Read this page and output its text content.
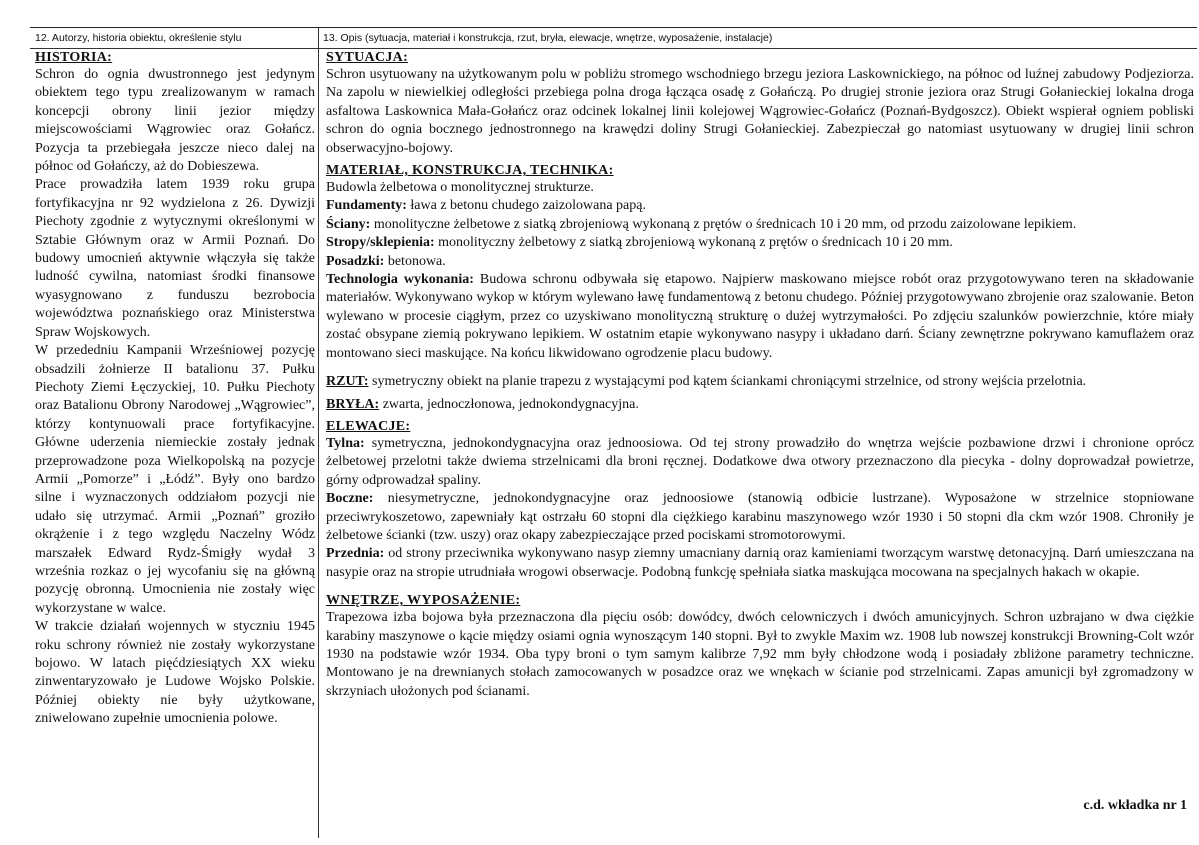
12. Autorzy, historia obiektu, określenie stylu	13. Opis (sytuacja, materiał i konstrukcja, rzut, bryła, elewacje, wnętrze, wyposażenie, instalacje)

HISTORIA:

Schron do ognia dwustronnego jest jedynym obiektem tego typu zrealizowanym w ramach koncepcji obrony linii jezior między miejscowościami Wągrowiec oraz Gołańcz. Pozycja ta przebiegała jeszcze nieco dalej na północ od Gołańczy, aż do Dobieszewa.

Prace prowadziła latem 1939 roku grupa fortyfikacyjna nr 92 wydzielona z 26. Dywizji Piechoty zgodnie z wytycznymi określonymi w Sztabie Głównym oraz w Armii Poznań. Do budowy umocnień aktywnie włączyła się także ludność cywilna, natomiast środki finansowe wyasygnowano z funduszu bezrobocia województwa poznańskiego oraz Ministerstwa Spraw Wojskowych.

W przededniu Kampanii Wrześniowej pozycję obsadzili żołnierze II batalionu 37. Pułku Piechoty Ziemi Łęczyckiej, 10. Pułku Piechoty oraz Batalionu Obrony Narodowej „Wągrowiec”, którzy kontynuowali prace fortyfikacyjne. Główne uderzenia niemieckie zostały jednak przeprowadzone poza Wielkopolską na pozycje Armii „Pomorze” i „Łódź”. Były ono bardzo silne i wyznaczonych oddziałom pozycji nie udało się utrzymać. Armii „Poznań” groziło okrążenie i z tego względu Naczelny Wódz marszałek Edward Rydz-Śmigły wydał 3 września rozkaz o jej wycofaniu się na główną pozycję obronną. Umocnienia nie zostały więc wykorzystane w walce.

W trakcie działań wojennych w styczniu 1945 roku schrony również nie zostały wykorzystane bojowo. W latach pięćdziesiątych XX wieku zinwentaryzowało je Ludowe Wojsko Polskie. Później obiekty nie były użytkowane, zniwelowano zupełnie umocnienia polowe.

SYTUACJA:

Schron usytuowany na użytkowanym polu w pobliżu stromego wschodniego brzegu jeziora Laskownickiego, na północ od luźnej zabudowy Podjeziorza. Na zapolu w niewielkiej odległości przebiega polna droga łącząca osadę z Gołańczą. Po drugiej stronie jeziora oraz Strugi Gołanieckiej lokalna droga asfaltowa Laskownica Mała-Gołańcz oraz odcinek lokalnej linii kolejowej Wągrowiec-Gołańcz (Poznań-Bydgoszcz). Obiekt wspierał ogniem pobliski schron do ognia bocznego jednostronnego na krawędzi doliny Strugi Gołanieckiej. Zabezpieczał go natomiast usytuowany w drugiej linii schron obserwacyjno-bojowy.

MATERIAŁ, KONSTRUKCJA, TECHNIKA:

Budowla żelbetowa o monolitycznej strukturze.

Fundamenty: ława z betonu chudego zaizolowana papą.

Ściany: monolityczne żelbetowe z siatką zbrojeniową wykonaną z prętów o średnicach 10 i 20 mm, od przodu zaizolowane lepikiem.

Stropy/sklepienia: monolityczny żelbetowy z siatką zbrojeniową wykonaną z prętów o średnicach 10 i 20 mm.

Posadzki: betonowa.

Technologia wykonania: Budowa schronu odbywała się etapowo. Najpierw maskowano miejsce robót oraz przygotowywano teren na składowanie materiałów. Wykonywano wykop w którym wylewano ławę fundamentową z betonu chudego. Później przygotowywano zbrojenie oraz szalowanie. Beton wylewano w procesie ciągłym, przez co uzyskiwano monolityczną strukturę o dużej wytrzymałości. Po zdjęciu szalunków powierzchnie, które miały zostać obsypane ziemią pokrywano lepikiem. W ostatnim etapie wykonywano nasypy i układano darń. Ściany zewnętrzne pokrywano kamuflażem oraz montowano sieci maskujące. Na końcu likwidowano ogrodzenie placu budowy.

RZUT: symetryczny obiekt na planie trapezu z wystającymi pod kątem ściankami chroniącymi strzelnice, od strony wejścia przelotnia.

BRYŁA: zwarta, jednoczłonowa, jednokondygnacyjna.

ELEWACJE:

Tylna: symetryczna, jednokondygnacyjna oraz jednoosiowa. Od tej strony prowadziło do wnętrza wejście pozbawione drzwi i chronione oprócz żelbetowej przelotni także dwiema strzelnicami dla broni ręcznej. Dodatkowe dwa otwory przeznaczono dla piecyka - dolny doprowadzał powietrze, górny odprowadzał spaliny.

Boczne: niesymetryczne, jednokondygnacyjne oraz jednoosiowe (stanowią odbicie lustrzane). Wyposażone w strzelnice stopniowane przeciwrykoszetowo, zapewniały kąt ostrzału 60 stopni dla ciężkiego karabinu maszynowego wzór 1930 i 50 stopni dla ckm wzór 1908. Chroniły je żelbetowe ścianki (tzw. uszy) oraz okapy zabezpieczające przed pociskami stromotorowymi.

Przednia: od strony przeciwnika wykonywano nasyp ziemny umacniany darnią oraz kamieniami tworzącym warstwę detonacyjną. Darń umieszczana na nasypie oraz na stropie utrudniała wrogowi obserwacje. Podobną funkcję spełniała siatka maskująca mocowana na specjalnych hakach w okapie.

WNĘTRZE, WYPOSAŻENIE:

Trapezowa izba bojowa była przeznaczona dla pięciu osób: dowódcy, dwóch celowniczych i dwóch amunicyjnych. Schron uzbrajano w dwa ciężkie karabiny maszynowe o kącie między osiami ognia wynoszącym 140 stopni. Był to zwykle Maxim wz. 1908 lub nowszej konstrukcji Browning-Colt wzór 1930 na podstawie wzór 1934. Oba typy broni o tym samym kalibrze 7,92 mm były chłodzone wodą i posiadały zbliżone parametry techniczne. Montowano je na drewnianych stołach zamocowanych w posadzce oraz we wnękach w ścianie pod strzelnicami. Zapas amunicji był zgromadzony w skrzyniach ułożonych pod ścianami.

c.d. wkładka nr 1
